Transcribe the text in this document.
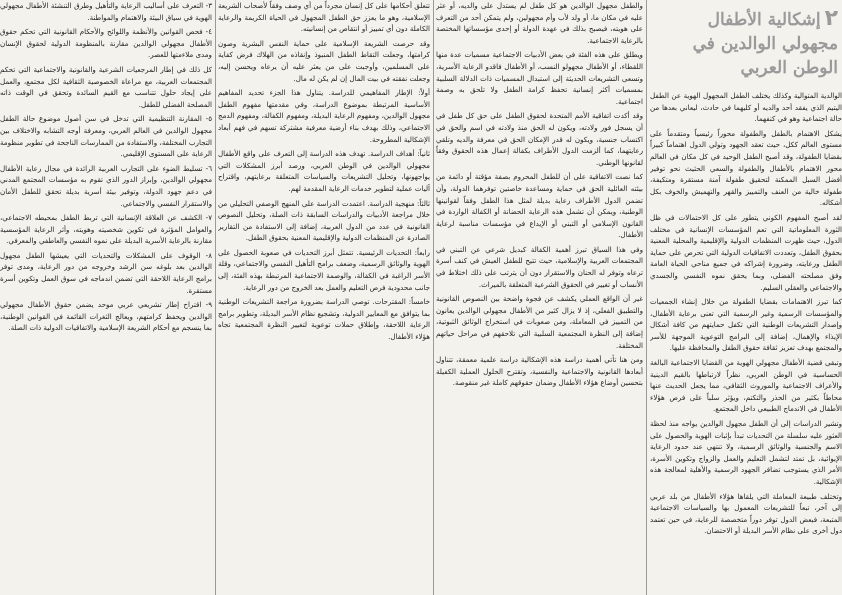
٢
إشكالية الأطفال مجهولي الوالدين في الوطن العربي

الوالدية المتوالية وكذلك يختلف الطفل المجهول الهوية عن الطفل اليتيم الذي يفقد أحد والديه أو كليهما في حادث، ليعاني بعدها من حالة اجتماعية وهو في كنفهما.

يشكل الاهتمام بالطفل والطفولة محوراً رئيسياً ومتقدماً على مستوى العالم ككل، حيث تعقد الجهود وتولي الدول اهتماماً كبيراً بقضايا الطفولة، وقد أصبح الطفل الوحيد في كل مكان في العالم محور الاهتمام بالأطفال والطفولة والسعي الحثيث نحو توفير أفضل السبل الممكنة لتحقيق طفولة آمنة مستقرة ومتكيفة، طفولة خالية من العنف والتمييز والقهر والتهميش والخوف بكل أشكاله.

لقد أصبح المفهوم الكوني يتطور على كل الاحتمالات في ظل الثورة المعلوماتية التي تعم المؤسسات الإنسانية في مختلف الدول، حيث ظهرت المنظمات الدولية والإقليمية والمحلية المعنية بحقوق الطفل، وتعددت الاتفاقيات الدولية التي تحرص على حماية الطفل ورعايته، وضرورة إشراكه في جميع مناحي الحياة العامة وفق مصلحته الفضلى، وبما يحقق نموه النفسي والجسدي والاجتماعي والعقلي السليم.

كما تبرز الاهتمامات بقضايا الطفولة من خلال إنشاء الجمعيات والمؤسسات الرسمية وغير الرسمية التي تعنى برعاية الأطفال، وإصدار التشريعات الوطنية التي تكفل حمايتهم من كافة أشكال الإيذاء والإهمال، إضافة إلى البرامج التوعوية الموجهة للأسر والمجتمع بهدف تعزيز ثقافة حقوق الطفل والمحافظة عليها.

وتبقى قضية الأطفال مجهولي الهوية من القضايا الاجتماعية البالغة الحساسية في الوطن العربي، نظراً لارتباطها بالقيم الدينية والأعراف الاجتماعية والموروث الثقافي، مما يجعل الحديث عنها محاطاً بكثير من الحذر والتكتم، ويؤثر سلباً على فرص هؤلاء الأطفال في الاندماج الطبيعي داخل المجتمع.

وتشير الدراسات إلى أن الطفل مجهول الوالدين يواجه منذ لحظة العثور عليه سلسلة من التحديات تبدأ بإثبات الهوية والحصول على الاسم والجنسية والوثائق الرسمية، ولا تنتهي عند حدود الرعاية الإيوائية، بل تمتد لتشمل التعليم والعمل والزواج وتكوين الأسرة، الأمر الذي يستوجب تضافر الجهود الرسمية والأهلية لمعالجة هذه الإشكالية.

وتختلف طبيعة المعاملة التي يلقاها هؤلاء الأطفال من بلد عربي إلى آخر، تبعاً للتشريعات المعمول بها والسياسات الاجتماعية المتبعة، فبعض الدول توفر دوراً متخصصة للرعاية، في حين تعتمد دول أخرى على نظام الأسر البديلة أو الاحتضان.

والطفل مجهول الوالدين هو كل طفل لم يستدل على والديه، أو عثر عليه في مكان ما، أو ولد لأب وأم مجهولين، ولم يتمكن أحد من التعرف على هويته، فيصبح بذلك في عهدة الدولة أو إحدى مؤسساتها المختصة بالرعاية الاجتماعية.

ويطلق على هذه الفئة في بعض الأدبيات الاجتماعية مسميات عدة منها اللقطاء، أو الأطفال مجهولو النسب، أو الأطفال فاقدو الرعاية الأسرية، وتسعى التشريعات الحديثة إلى استبدال المسميات ذات الدلالة السلبية بمسميات أكثر إنسانية تحفظ كرامة الطفل ولا تلحق به وصمة اجتماعية.

وقد أكدت اتفاقية الأمم المتحدة لحقوق الطفل على حق كل طفل في أن يسجل فور ولادته، ويكون له الحق منذ ولادته في اسم والحق في اكتساب جنسية، ويكون له قدر الإمكان الحق في معرفة والديه وتلقي رعايتهما، كما ألزمت الدول الأطراف بكفالة إعمال هذه الحقوق وفقاً لقانونها الوطني.

كما نصت الاتفاقية على أن للطفل المحروم بصفة مؤقتة أو دائمة من بيئته العائلية الحق في حماية ومساعدة خاصتين توفرهما الدولة، وأن تضمن الدول الأطراف رعاية بديلة لمثل هذا الطفل وفقاً لقوانينها الوطنية، ويمكن أن تشمل هذه الرعاية الحضانة أو الكفالة الواردة في القانون الإسلامي أو التبني أو الإيداع في مؤسسات مناسبة لرعاية الأطفال.

وفي هذا السياق تبرز أهمية الكفالة كبديل شرعي عن التبني في المجتمعات العربية والإسلامية، حيث تتيح للطفل العيش في كنف أسرة ترعاه وتوفر له الحنان والاستقرار دون أن يترتب على ذلك اختلاط في الأنساب أو تغيير في الحقوق الشرعية المتعلقة بالميراث.

غير أن الواقع العملي يكشف عن فجوة واضحة بين النصوص القانونية والتطبيق الفعلي، إذ لا يزال كثير من الأطفال مجهولي الوالدين يعانون من التمييز في المعاملة، ومن صعوبات في استخراج الوثائق الثبوتية، إضافة إلى النظرة المجتمعية السلبية التي تلاحقهم في مراحل حياتهم المختلفة.

ومن هنا تأتي أهمية دراسة هذه الإشكالية دراسة علمية معمقة، تتناول أبعادها القانونية والاجتماعية والنفسية، وتقترح الحلول العملية الكفيلة بتحسين أوضاع هؤلاء الأطفال وضمان حقوقهم كاملة غير منقوصة.

تتعلق أحكامها على كل إنسان مجرداً من أي وصف وفقاً لأصحاب الشريعة الإسلامية، وهو ما يعزز حق الطفل المجهول في الحياة الكريمة والرعاية الكاملة دون أي تمييز أو انتقاص من إنسانيته.

وقد حرصت الشريعة الإسلامية على حماية النفس البشرية وصون كرامتها، وجعلت التقاط الطفل المنبوذ وإنقاذه من الهلاك فرض كفاية على المسلمين، وأوجبت على من يعثر عليه أن يرعاه ويحسن إليه، وجعلت نفقته في بيت المال إن لم يكن له مال.

أولاً: الإطار المفاهيمي للدراسة. يتناول هذا الجزء تحديد المفاهيم الأساسية المرتبطة بموضوع الدراسة، وفي مقدمتها مفهوم الطفل مجهول الوالدين، ومفهوم الرعاية البديلة، ومفهوم الكفالة، ومفهوم الدمج الاجتماعي، وذلك بهدف بناء أرضية معرفية مشتركة تسهم في فهم أبعاد الإشكالية المطروحة.

ثانياً: أهداف الدراسة. تهدف هذه الدراسة إلى التعرف على واقع الأطفال مجهولي الوالدين في الوطن العربي، ورصد أبرز المشكلات التي يواجهونها، وتحليل التشريعات والسياسات المتعلقة برعايتهم، واقتراح آليات عملية لتطوير خدمات الرعاية المقدمة لهم.

ثالثاً: منهجية الدراسة. اعتمدت الدراسة على المنهج الوصفي التحليلي من خلال مراجعة الأدبيات والدراسات السابقة ذات الصلة، وتحليل النصوص القانونية في عدد من الدول العربية، إضافة إلى الاستفادة من التقارير الصادرة عن المنظمات الدولية والإقليمية المعنية بحقوق الطفل.

رابعاً: التحديات الرئيسية. تتمثل أبرز التحديات في صعوبة الحصول على الهوية والوثائق الرسمية، وضعف برامج التأهيل النفسي والاجتماعي، وقلة الأسر الراغبة في الكفالة، والوصمة الاجتماعية المرتبطة بهذه الفئة، إلى جانب محدودية فرص التعليم والعمل بعد الخروج من دور الرعاية.

خامساً: المقترحات. توصي الدراسة بضرورة مراجعة التشريعات الوطنية بما يتوافق مع المعايير الدولية، وتشجيع نظام الأسر البديلة، وتطوير برامج الرعاية اللاحقة، وإطلاق حملات توعوية لتغيير النظرة المجتمعية تجاه هؤلاء الأطفال.

٣- التعرف على أساليب الرعاية والتأهيل وطرق التنشئة الأطفال مجهولي الهوية في سياق البيئة والاهتمام والمواطنة.

٤- فحص القوانين والأنظمة واللوائح والأحكام القانونية التي تحكم حقوق الأطفال مجهولي الوالدين مقارنة بالمنظومة الدولية لحقوق الإنسان ومدى ملاءمتها للعصر.

كل ذلك في إطار المرجعيات الشرعية والقانونية والاجتماعية التي تحكم المجتمعات العربية، مع مراعاة الخصوصية الثقافية لكل مجتمع، والعمل على إيجاد حلول تتناسب مع القيم السائدة وتحقق في الوقت ذاته المصلحة الفضلى للطفل.

٥- المقارنة التنظيمية التي تدخل في سن أصول موضوع حالة الطفل مجهول الوالدين في العالم العربي، ومعرفة أوجه التشابه والاختلاف بين التجارب المختلفة، والاستفادة من الممارسات الناجحة في تطوير منظومة الرعاية على المستوى الإقليمي.

٦- تسليط الضوء على التجارب العربية الرائدة في مجال رعاية الأطفال مجهولي الوالدين، وإبراز الدور الذي تقوم به مؤسسات المجتمع المدني في دعم جهود الدولة، وتوفير بيئة أسرية بديلة تحقق للطفل الأمان والاستقرار النفسي والاجتماعي.

٧- الكشف عن العلاقة الإنسانية التي تربط الطفل بمحيطه الاجتماعي، والعوامل المؤثرة في تكوين شخصيته وهويته، وأثر الرعاية المؤسسية مقارنة بالرعاية الأسرية البديلة على نموه النفسي والعاطفي والمعرفي.

٨- الوقوف على المشكلات والتحديات التي يعيشها الطفل مجهول الوالدين بعد بلوغه سن الرشد وخروجه من دور الرعاية، ومدى توفر برامج الرعاية اللاحقة التي تضمن اندماجه في سوق العمل وتكوين أسرة مستقرة.

٩- اقتراح إطار تشريعي عربي موحد يضمن حقوق الأطفال مجهولي الوالدين ويحفظ كرامتهم، ويعالج الثغرات القائمة في القوانين الوطنية، بما ينسجم مع أحكام الشريعة الإسلامية والاتفاقيات الدولية ذات الصلة.
